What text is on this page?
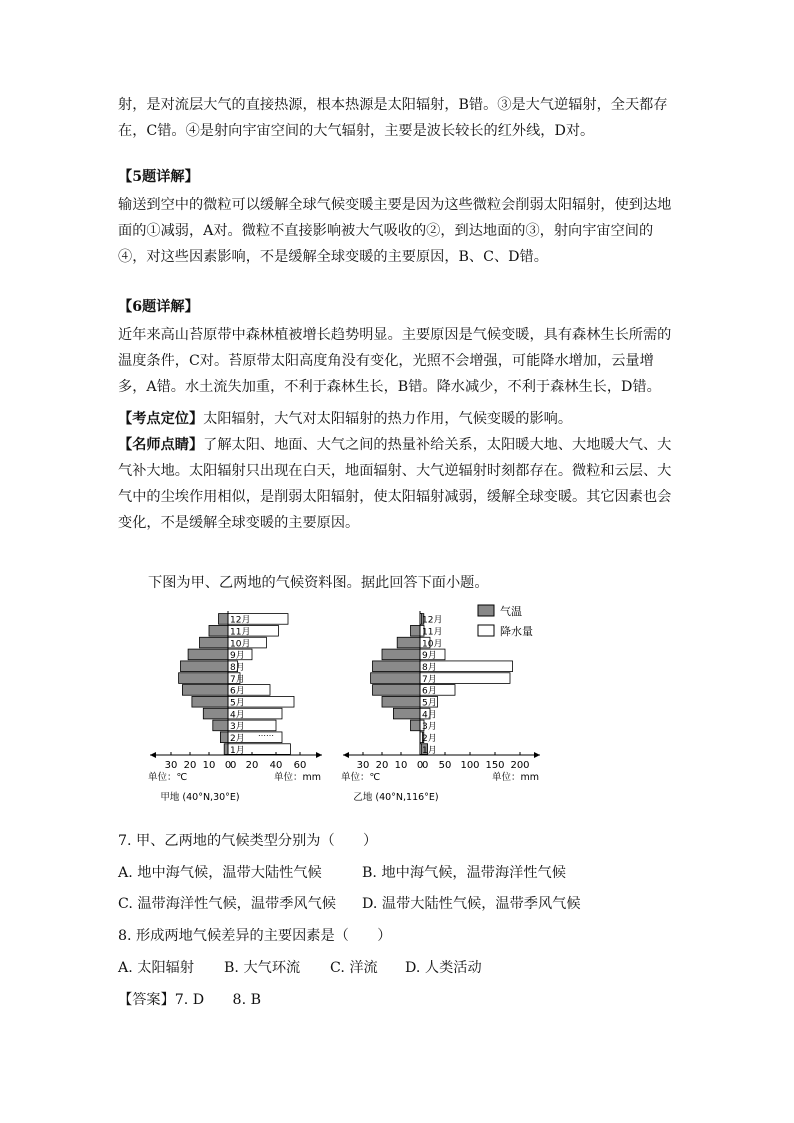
射，是对流层大气的直接热源，根本热源是太阳辐射，B错。③是大气逆辐射，全天都存在，C错。④是射向宇宙空间的大气辐射，主要是波长较长的红外线，D对。

【5题详解】

输送到空中的微粒可以缓解全球气候变暖主要是因为这些微粒会削弱太阳辐射，使到达地面的①减弱，A对。微粒不直接影响被大气吸收的②，到达地面的③，射向宇宙空间的④，对这些因素影响，不是缓解全球变暖的主要原因，B、C、D错。

【6题详解】

近年来高山苔原带中森林植被增长趋势明显。主要原因是气候变暖，具有森林生长所需的温度条件，C对。苔原带太阳高度角没有变化，光照不会增强，可能降水增加，云量增多，A错。水土流失加重，不利于森林生长，B错。降水减少，不利于森林生长，D错。

【考点定位】太阳辐射，大气对太阳辐射的热力作用，气候变暖的影响。

【名师点睛】了解太阳、地面、大气之间的热量补给关系，太阳暖大地、大地暖大气、大气补大地。太阳辐射只出现在白天，地面辐射、大气逆辐射时刻都存在。微粒和云层、大气中的尘埃作用相似，是削弱太阳辐射，使太阳辐射减弱，缓解全球变暖。其它因素也会变化，不是缓解全球变暖的主要原因。

下图为甲、乙两地的气候资料图。据此回答下面小题。
气温
降水量
1月
2月
3月
4月
5月
6月
7月
8月
9月
10月
11月
12月
30 20 10 0 20 40 60
0
单位：℃	单位：mm
甲地 (40°N,30°E)
……
1月
2月
3月
4月
5月
6月
7月
8月
9月
10月
11月
12月
30 20 10 0 50 100 150 200
0
单位：℃	单位：mm
乙地 (40°N,116°E)
7. 甲、乙两地的气候类型分别为（　　）
A. 地中海气候，温带大陆性气候	B. 地中海气候，温带海洋性气候
C. 温带海洋性气候，温带季风气候 D. 温带大陆性气候，温带季风气候
8. 形成两地气候差异的主要因素是（　　）
A. 太阳辐射 B. 大气环流 C. 洋流 D. 人类活动
【答案】7. D　　8. B
